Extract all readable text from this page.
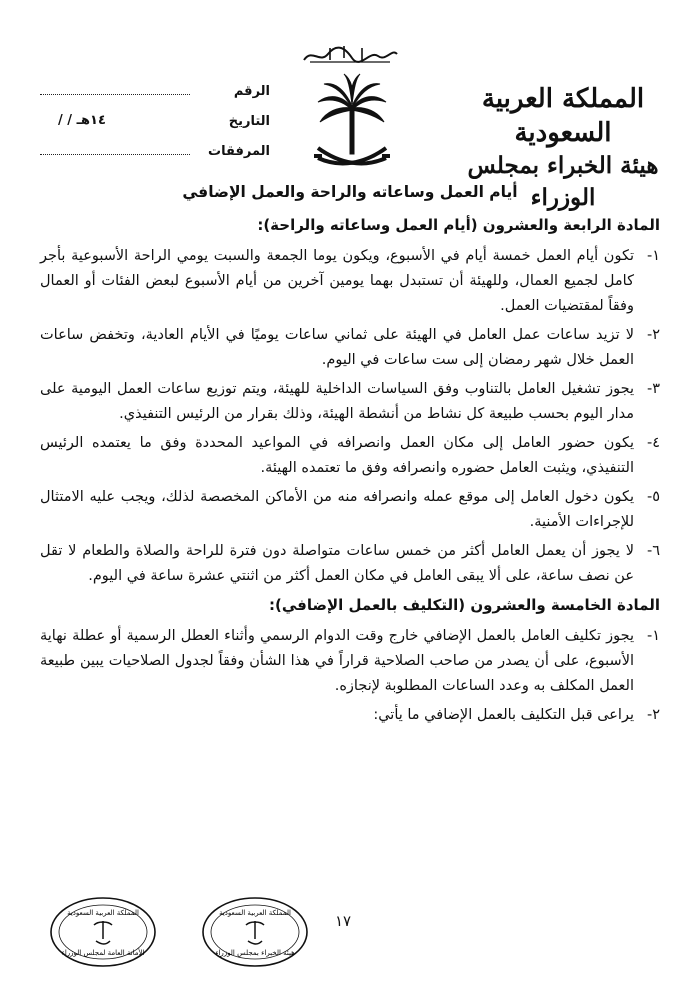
المملكة العربية السعودية
هيئة الخبراء بمجلس الوزراء
الرقم
التاريخ
/ / ١٤هـ
المرفقات
أيام العمل وساعاته والراحة والعمل الإضافي
المادة الرابعة والعشرون (أيام العمل وساعاته والراحة):
١-
تكون أيام العمل خمسة أيام في الأسبوع، ويكون يوما الجمعة والسبت يومي الراحة الأسبوعية بأجر كامل لجميع العمال، وللهيئة أن تستبدل بهما يومين آخرين من أيام الأسبوع لبعض الفئات أو العمال وفقاً لمقتضيات العمل.
٢-
لا تزيد ساعات عمل العامل في الهيئة على ثماني ساعات يوميًا في الأيام العادية، وتخفض ساعات العمل خلال شهر رمضان إلى ست ساعات في اليوم.
٣-
يجوز تشغيل العامل بالتناوب وفق السياسات الداخلية للهيئة، ويتم توزيع ساعات العمل اليومية على مدار اليوم بحسب طبيعة كل نشاط من أنشطة الهيئة، وذلك بقرار من الرئيس التنفيذي.
٤-
يكون حضور العامل إلى مكان العمل وانصرافه في المواعيد المحددة وفق ما يعتمده الرئيس التنفيذي، ويثبت العامل حضوره وانصرافه وفق ما تعتمده الهيئة.
٥-
يكون دخول العامل إلى موقع عمله وانصرافه منه من الأماكن المخصصة لذلك، ويجب عليه الامتثال للإجراءات الأمنية.
٦-
لا يجوز أن يعمل العامل أكثر من خمس ساعات متواصلة دون فترة للراحة والصلاة والطعام لا تقل عن نصف ساعة، على ألا يبقى العامل في مكان العمل أكثر من اثنتي عشرة ساعة في اليوم.
المادة الخامسة والعشرون (التكليف بالعمل الإضافي):
١-
يجوز تكليف العامل بالعمل الإضافي خارج وقت الدوام الرسمي وأثناء العطل الرسمية أو عطلة نهاية الأسبوع، على أن يصدر من صاحب الصلاحية قراراً في هذا الشأن وفقاً لجدول الصلاحيات يبين طبيعة العمل المكلف به وعدد الساعات المطلوبة لإنجازه.
٢-
يراعى قبل التكليف بالعمل الإضافي ما يأتي:
١٧
المملكة العربية السعودية
الأمانة العامة لمجلس الوزراء
المملكة العربية السعودية
هيئة الخبراء بمجلس الوزراء
